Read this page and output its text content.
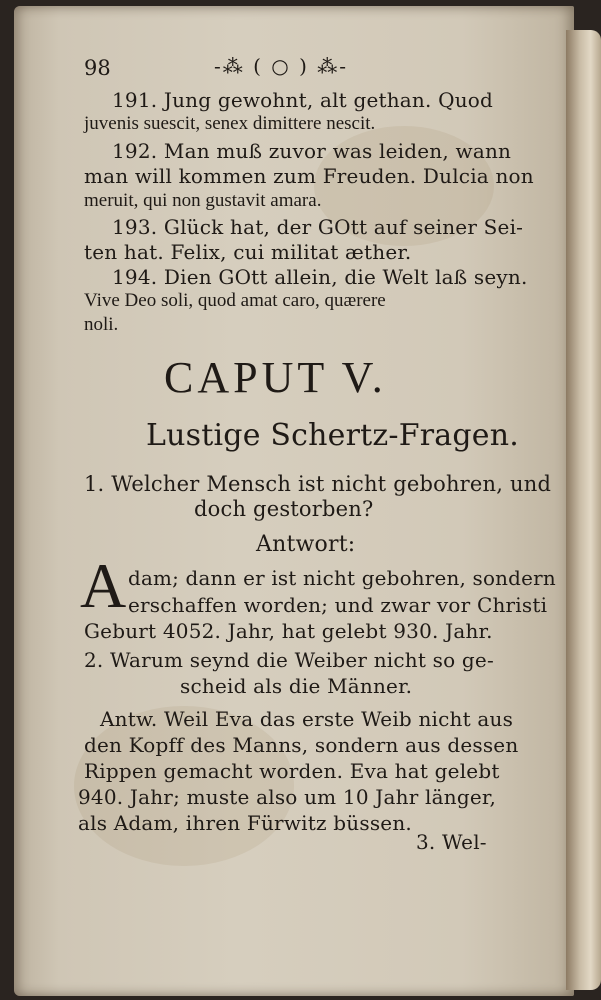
98	-⁂ ( ○ ) ⁂-
191. Jung gewohnt, alt gethan. Quod
juvenis suescit, senex dimittere nescit.
192. Man muß zuvor was leiden, wann
man will kommen zum Freuden. Dulcia non
meruit, qui non gustavit amara.
193. Glück hat, der GOtt auf seiner Sei-
ten hat. Felix, cui militat æther.
194. Dien GOtt allein, die Welt laß seyn.
Vive Deo soli, quod amat caro, quærere
noli.
CAPUT V.
Lustige Schertz-Fragen.
1. Welcher Mensch ist nicht gebohren, und
doch gestorben?
Antwort:
A dam; dann er ist nicht gebohren, sondern
erschaffen worden; und zwar vor Christi
Geburt 4052. Jahr, hat gelebt 930. Jahr.
2. Warum seynd die Weiber nicht so ge-
scheid als die Männer.
Antw. Weil Eva das erste Weib nicht aus
den Kopff des Manns, sondern aus dessen
Rippen gemacht worden. Eva hat gelebt
940. Jahr; muste also um 10 Jahr länger,
als Adam, ihren Fürwitz büssen.
3. Wel-
